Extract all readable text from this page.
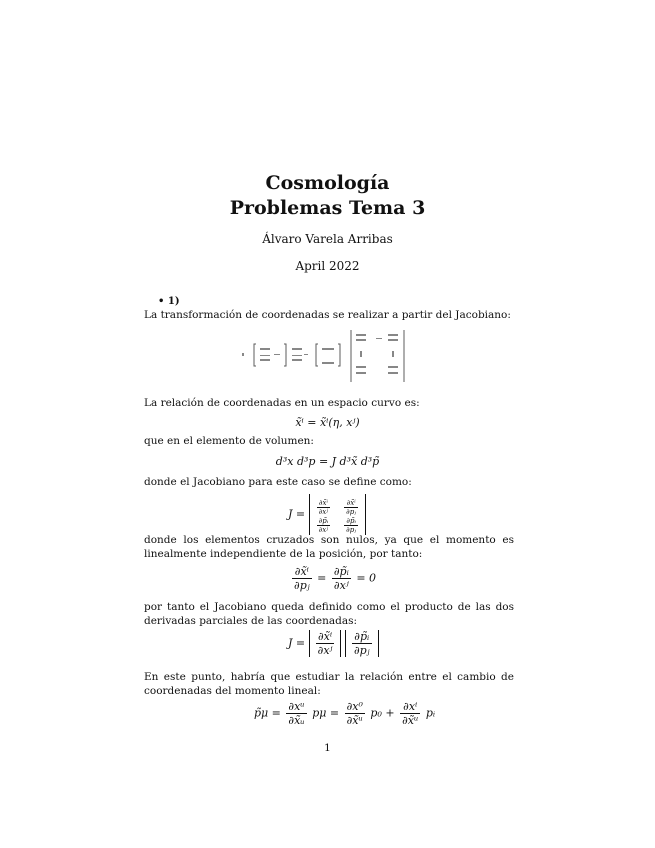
Cosmología
Problemas Tema 3
Álvaro Varela Arribas
April 2022
• 1)
La transformación de coordenadas se realizar a partir del Jacobiano:
La relación de coordenadas en un espacio curvo es:
x̃ⁱ = x̃ⁱ(η, xʲ)
que en el elemento de volumen:
d³x d³p = J d³x̃ d³p̃
donde el Jacobiano para este caso se define como:
$J = \frac{\text{∂x̃ⁱ}}{\text{∂xʲ}} \frac{\text{∂x̃ⁱ}}{\text{∂pⱼ}}$
$\frac{\text{∂p̃ᵢ}}{\text{∂xʲ}} \frac{\text{∂p̃ᵢ}}{\text{∂pⱼ}}$
donde los elementos cruzados son nulos, ya que el momento es linealmente independiente de la posición, por tanto:
$\frac{\text{∂x̃ⁱ}}{\text{∂pⱼ}} = \frac{\text{∂p̃ᵢ}}{\text{∂xʲ}} = 0$
por tanto el Jacobiano queda definido como el producto de las dos derivadas parciales de las coordenadas:
$J = \frac{\text{∂x̃ⁱ}}{\text{∂xʲ}}$
$\frac{\text{∂p̃ᵢ}}{\text{∂pⱼ}}$
En este punto, habría que estudiar la relación entre el cambio de coordenadas del momento lineal:
p̃μ = $\frac{\text{∂xᵘ}}{\text{∂x̃ᵤ}}$ $p\mu = \frac{\text{∂x⁰}}{\text{∂x̃ᵘ}} p_0 + \frac{\text{∂xⁱ}}{\text{∂x̃ᵘ}}$ pᵢ
1
